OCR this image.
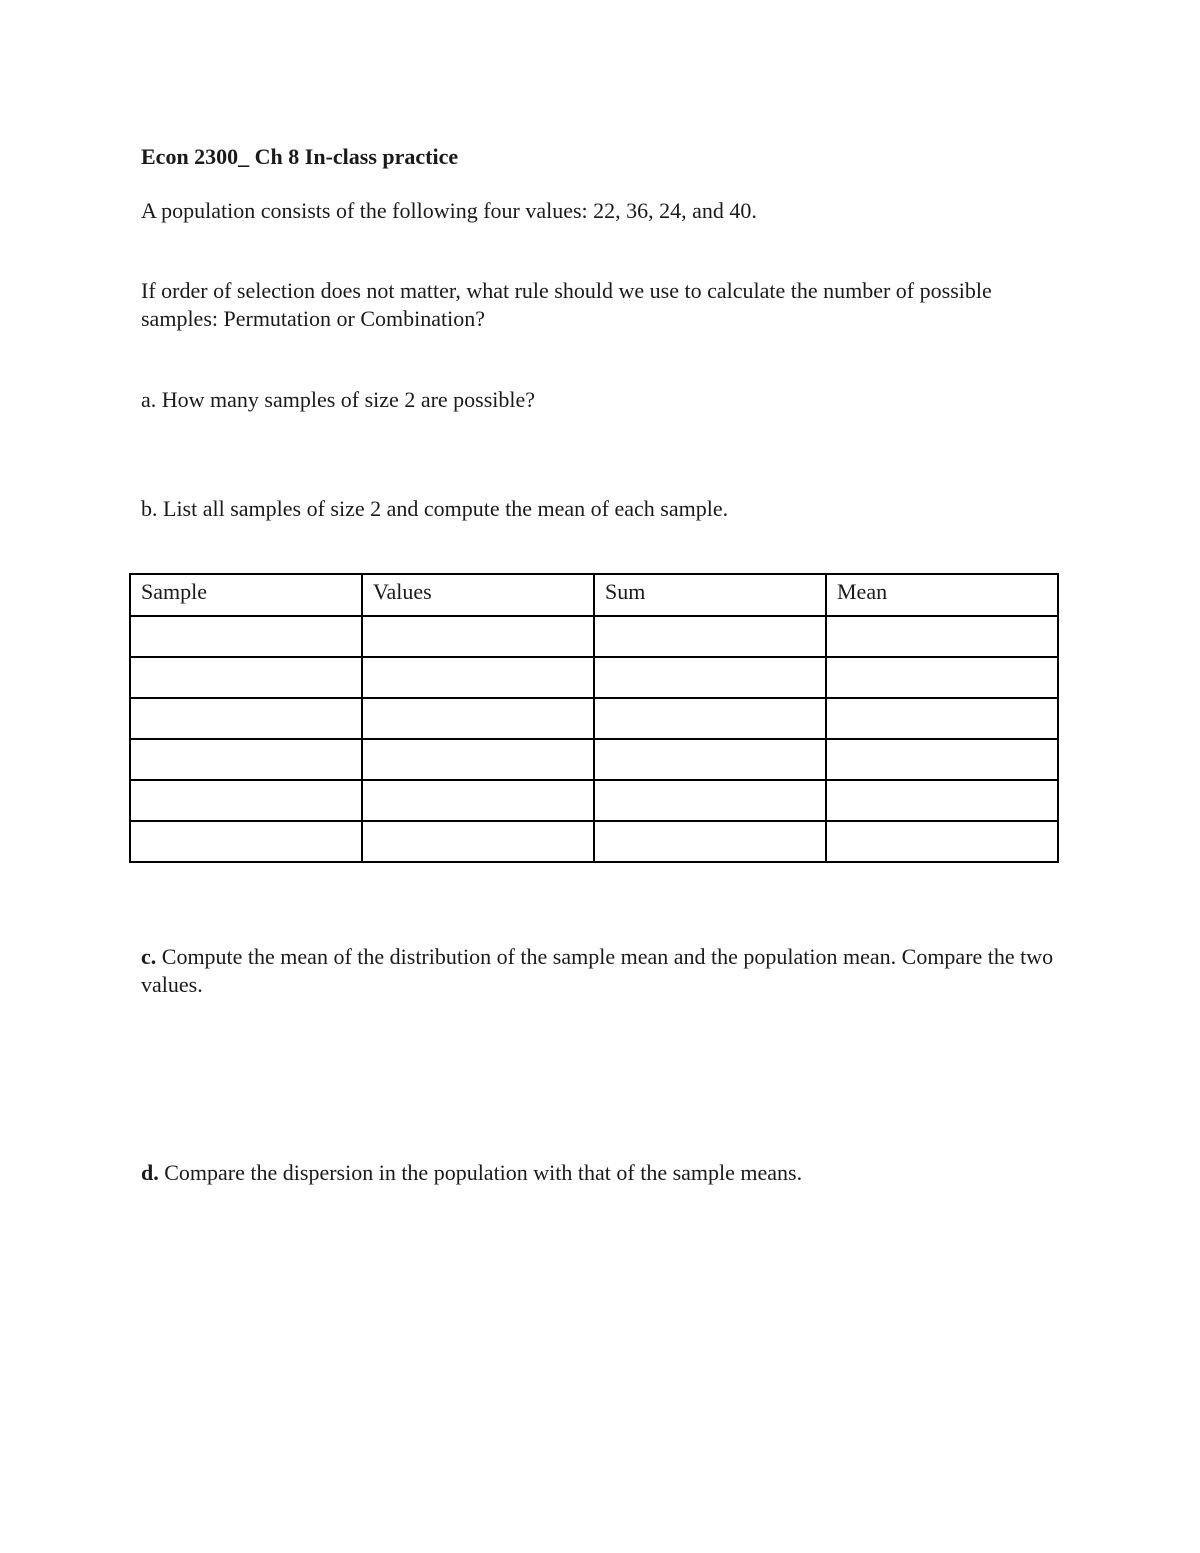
Econ 2300_ Ch 8 In-class practice
A population consists of the following four values: 22, 36, 24, and 40.
If order of selection does not matter, what rule should we use to calculate the number of possible samples: Permutation or Combination?
a. How many samples of size 2 are possible?
b. List all samples of size 2 and compute the mean of each sample.
Sample	Values	Sum	Mean

c. Compute the mean of the distribution of the sample mean and the population mean. Compare the two values.
d. Compare the dispersion in the population with that of the sample means.
